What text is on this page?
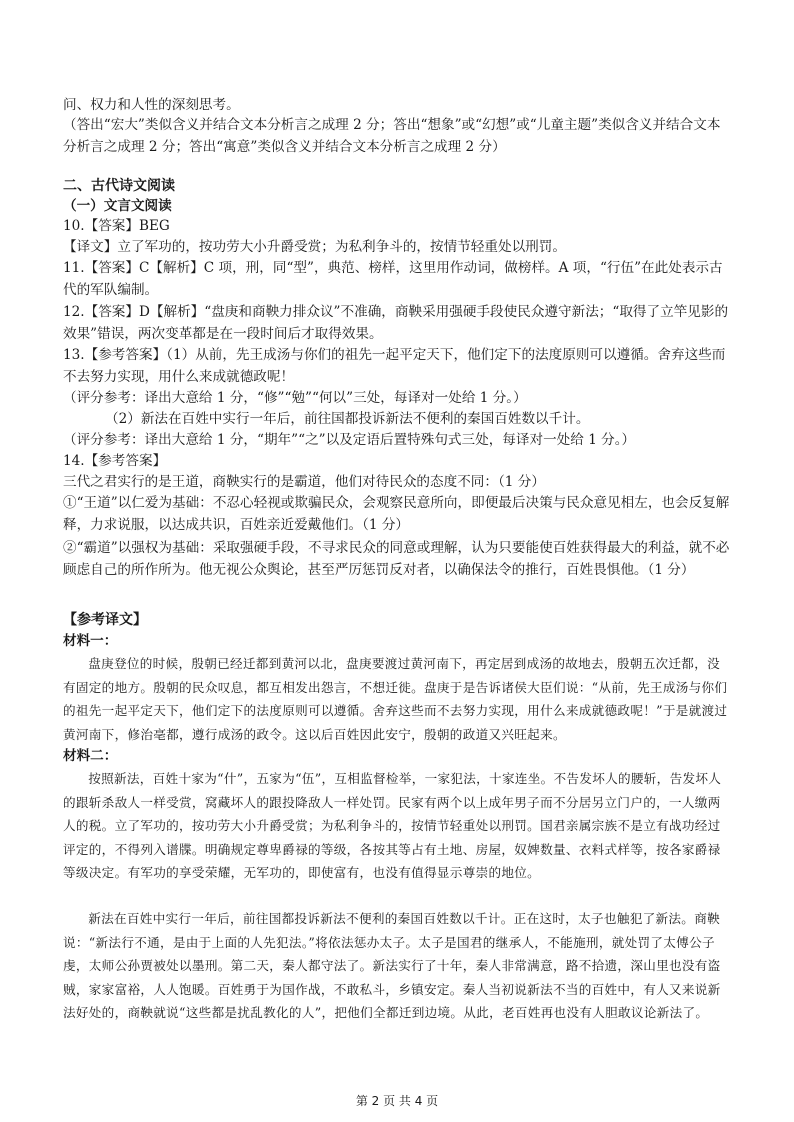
问、权力和人性的深刻思考。

（答出“宏大”类似含义并结合文本分析言之成理 2 分；答出“想象”或“幻想”或“儿童主题”类似含义并结合文本分析言之成理 2 分；答出“寓意”类似含义并结合文本分析言之成理 2 分）

二、古代诗文阅读

（一）文言文阅读

10.【答案】BEG

【译文】立了军功的，按功劳大小升爵受赏；为私利争斗的，按情节轻重处以刑罚。

11.【答案】C【解析】C 项，刑，同“型”，典范、榜样，这里用作动词，做榜样。A 项，“行伍”在此处表示古代的军队编制。

12.【答案】D【解析】“盘庚和商鞅力排众议”不准确，商鞅采用强硬手段使民众遵守新法；“取得了立竿见影的效果”错误，两次变革都是在一段时间后才取得效果。

13.【参考答案】（1）从前，先王成汤与你们的祖先一起平定天下，他们定下的法度原则可以遵循。舍弃这些而不去努力实现，用什么来成就德政呢！

（评分参考：译出大意给 1 分，“修”“勉”“何以”三处，每译对一处给 1 分。）

（2）新法在百姓中实行一年后，前往国都投诉新法不便利的秦国百姓数以千计。

（评分参考：译出大意给 1 分，“期年”“之”以及定语后置特殊句式三处，每译对一处给 1 分。）

14.【参考答案】

三代之君实行的是王道，商鞅实行的是霸道，他们对待民众的态度不同：（1 分）

①“王道”以仁爱为基础：不忍心轻视或欺骗民众，会观察民意所向，即便最后决策与民众意见相左，也会反复解释，力求说服，以达成共识，百姓亲近爱戴他们。（1 分）

②“霸道”以强权为基础：采取强硬手段，不寻求民众的同意或理解，认为只要能使百姓获得最大的利益，就不必顾虑自己的所作所为。他无视公众舆论，甚至严厉惩罚反对者，以确保法令的推行，百姓畏惧他。（1 分）

【参考译文】

材料一：

盘庚登位的时候，殷朝已经迁都到黄河以北，盘庚要渡过黄河南下，再定居到成汤的故地去，殷朝五次迁都，没有固定的地方。殷朝的民众叹息，都互相发出怨言，不想迁徙。盘庚于是告诉诸侯大臣们说：“从前，先王成汤与你们的祖先一起平定天下，他们定下的法度原则可以遵循。舍弃这些而不去努力实现，用什么来成就德政呢！”于是就渡过黄河南下，修治亳都，遵行成汤的政令。这以后百姓因此安宁，殷朝的政道又兴旺起来。

材料二：

按照新法，百姓十家为“什”，五家为“伍”，互相监督检举，一家犯法，十家连坐。不告发坏人的腰斩，告发坏人的跟斩杀敌人一样受赏，窝藏坏人的跟投降敌人一样处罚。民家有两个以上成年男子而不分居另立门户的，一人缴两人的税。立了军功的，按功劳大小升爵受赏；为私利争斗的，按情节轻重处以刑罚。国君亲属宗族不是立有战功经过评定的，不得列入谱牒。明确规定尊卑爵禄的等级，各按其等占有土地、房屋，奴婢数量、衣料式样等，按各家爵禄等级决定。有军功的享受荣耀，无军功的，即使富有，也没有值得显示尊崇的地位。

新法在百姓中实行一年后，前往国都投诉新法不便利的秦国百姓数以千计。正在这时，太子也触犯了新法。商鞅说：“新法行不通，是由于上面的人先犯法。”将依法惩办太子。太子是国君的继承人，不能施刑，就处罚了太傅公子虔，太师公孙贾被处以墨刑。第二天，秦人都守法了。新法实行了十年，秦人非常满意，路不拾遗，深山里也没有盗贼，家家富裕，人人饱暖。百姓勇于为国作战，不敢私斗，乡镇安定。秦人当初说新法不当的百姓中，有人又来说新法好处的，商鞅就说“这些都是扰乱教化的人”，把他们全都迁到边境。从此，老百姓再也没有人胆敢议论新法了。

第 2 页 共 4 页
